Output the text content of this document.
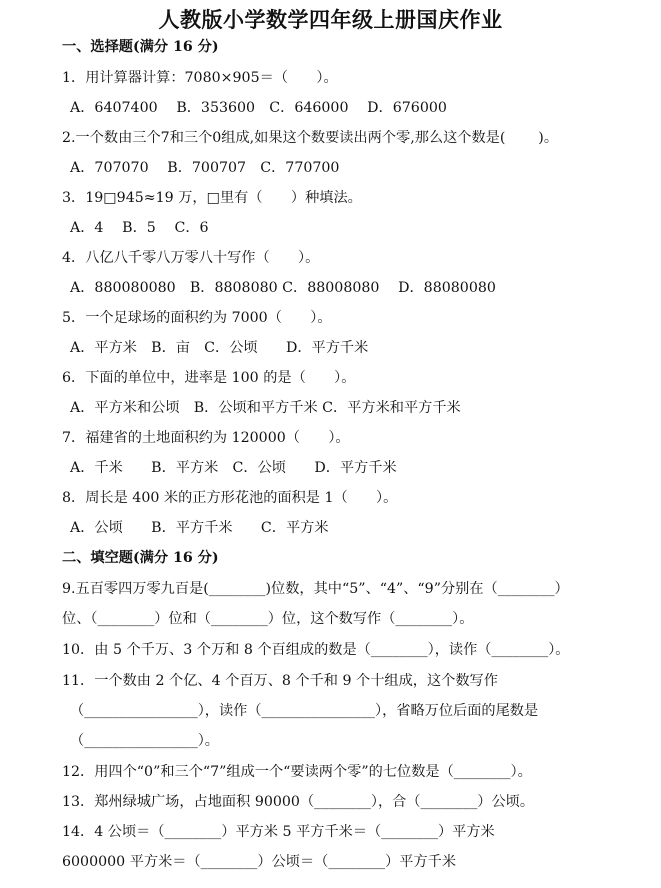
人教版小学数学四年级上册国庆作业
一、选择题(满分 16 分)
1．用计算器计算：7080×905＝（　　）。
A．6407400　 B．353600　C．646000　 D．676000
2.一个数由三个7和三个0组成,如果这个数要读出两个零,那么这个数是(　　 )。
A．707070　 B．700707　C．770700
3．19□945≈19 万，□里有（　　）种填法。
A．4　 B．5　 C．6
4．八亿八千零八万零八十写作（　　）。
A．880080080　B．8808080 C．88008080　 D．88080080
5．一个足球场的面积约为 7000（　　）。
A．平方米　B．亩　C．公顷　　D．平方千米
6．下面的单位中，进率是 100 的是（　　）。
A．平方米和公顷　B．公顷和平方千米 C．平方米和平方千米
7．福建省的土地面积约为 120000（　　）。
A．千米　　B．平方米　C．公顷　　D．平方千米
8．周长是 400 米的正方形花池的面积是 1（　　）。
A．公顷　　B．平方千米　　C．平方米
二、填空题(满分 16 分)
9.五百零四万零九百是(________)位数，其中“5”、“4”、“9”分别在（________）
位、（________）位和（________）位，这个数写作（________）。
10．由 5 个千万、3 个万和 8 个百组成的数是（________），读作（________）。
11．一个数由 2 个亿、4 个百万、8 个千和 9 个十组成，这个数写作
（________________），读作（________________），省略万位后面的尾数是
（________________）。
12．用四个“0”和三个“7”组成一个“要读两个零”的七位数是（________）。
13．郑州绿城广场，占地面积 90000（________），合（________）公顷。
14．4 公顷＝（________）平方米 5 平方千米＝（________）平方米
6000000 平方米＝（________）公顷＝（________）平方千米
